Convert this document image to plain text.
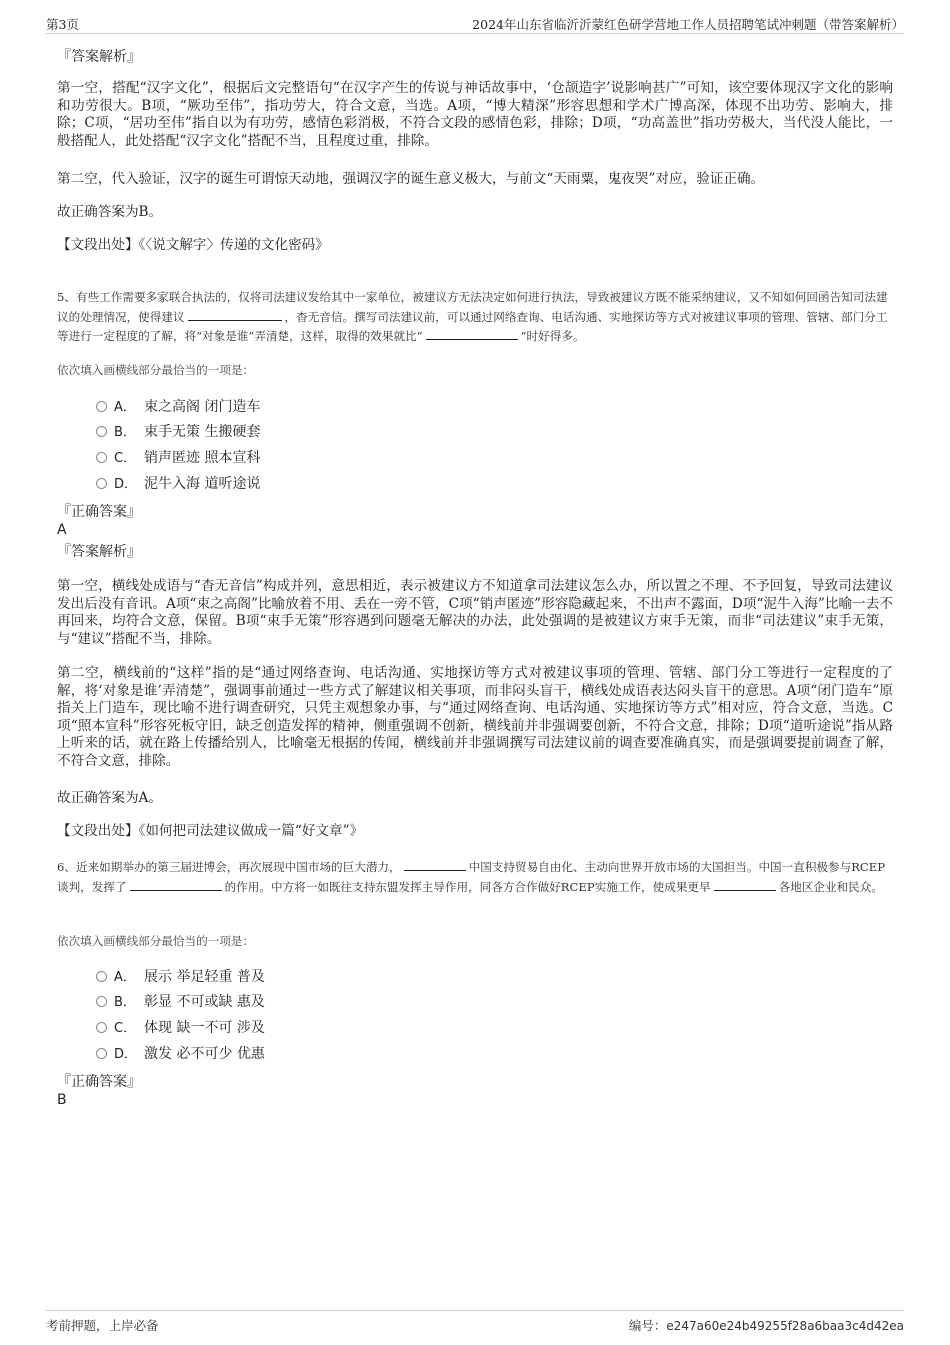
第3页	2024年山东省临沂沂蒙红色研学营地工作人员招聘笔试冲刺题（带答案解析）
『答案解析』
第一空，搭配“汉字文化”，根据后文完整语句“在汉字产生的传说与神话故事中，‘仓颉造字’说影响甚广”可知，该空要体现汉字文化的影响和功劳很大。B项，“厥功至伟”，指功劳大，符合文意，当选。A项，“博大精深”形容思想和学术广博高深，体现不出功劳、影响大，排除；C项，“居功至伟”指自以为有功劳，感情色彩消极，不符合文段的感情色彩，排除；D项，“功高盖世”指功劳极大，当代没人能比，一般搭配人，此处搭配“汉字文化”搭配不当，且程度过重，排除。
第二空，代入验证，汉字的诞生可谓惊天动地，强调汉字的诞生意义极大，与前文“天雨粟，鬼夜哭”对应，验证正确。
故正确答案为B。
【文段出处】《〈说文解字〉传递的文化密码》
5、有些工作需要多家联合执法的，仅将司法建议发给其中一家单位，被建议方无法决定如何进行执法，导致被建议方既不能采纳建议，又不知如何回函告知司法建议的处理情况，使得建议	，杳无音信。撰写司法建议前，可以通过网络查询、电话沟通、实地探访等方式对被建议事项的管理、管辖、部门分工等进行一定程度的了解，将“对象是谁”弄清楚，这样，取得的效果就比“	”时好得多。
依次填入画横线部分最恰当的一项是：
A． 束之高阁 闭门造车
B． 束手无策 生搬硬套
C． 销声匿迹 照本宣科
D． 泥牛入海 道听途说
『正确答案』
A
『答案解析』
第一空，横线处成语与“杳无音信”构成并列，意思相近，表示被建议方不知道拿司法建议怎么办，所以置之不理、不予回复，导致司法建议发出后没有音讯。A项“束之高阁”比喻放着不用、丢在一旁不管，C项“销声匿迹”形容隐藏起来，不出声不露面，D项“泥牛入海”比喻一去不再回来，均符合文意，保留。B项“束手无策”形容遇到问题毫无解决的办法，此处强调的是被建议方束手无策，而非“司法建议”束手无策，与“建议”搭配不当，排除。
第二空，横线前的“这样”指的是“通过网络查询、电话沟通、实地探访等方式对被建议事项的管理、管辖、部门分工等进行一定程度的了解，将‘对象是谁’弄清楚”，强调事前通过一些方式了解建议相关事项，而非闷头盲干，横线处成语表达闷头盲干的意思。A项“闭门造车”原指关上门造车，现比喻不进行调查研究，只凭主观想象办事，与“通过网络查询、电话沟通、实地探访等方式”相对应，符合文意，当选。C项“照本宣科”形容死板守旧，缺乏创造发挥的精神，侧重强调不创新，横线前并非强调要创新，不符合文意，排除；D项“道听途说”指从路上听来的话，就在路上传播给别人，比喻毫无根据的传闻，横线前并非强调撰写司法建议前的调查要准确真实，而是强调要提前调查了解，不符合文意，排除。
故正确答案为A。
【文段出处】《如何把司法建议做成一篇“好文章”》
6、近来如期举办的第三届进博会，再次展现中国市场的巨大潜力，	中国支持贸易自由化、主动向世界开放市场的大国担当。中国一直积极参与RCEP谈判，发挥了	的作用。中方将一如既往支持东盟发挥主导作用，同各方合作做好RCEP实施工作，使成果更早	各地区企业和民众。
依次填入画横线部分最恰当的一项是：
A． 展示 举足轻重 普及
B． 彰显 不可或缺 惠及
C． 体现 缺一不可 涉及
D． 激发 必不可少 优惠
『正确答案』
B
考前押题，上岸必备	编号：e247a60e24b49255f28a6baa3c4d42ea
